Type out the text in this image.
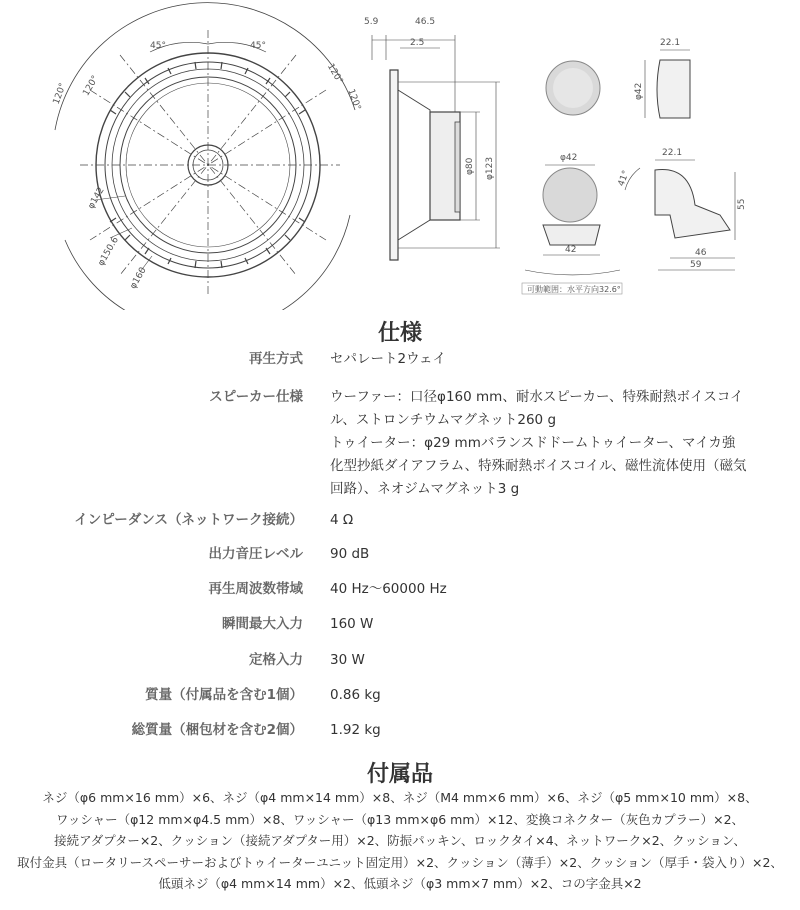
45°	45°
120° 120°	120°
120°
φ142
φ150.6
φ160
5.9	46.5
2.5
φ80 φ123
22.1
φ42
φ42
42
22.1
41°
55
46
59
可動範囲：水平方向32.6°
仕様
再生方式 セパレート2ウェイ
スピーカー仕様 ウーファー：口径φ160 mm、耐水スピーカー、特殊耐熱ボイスコイ
ル、ストロンチウムマグネット260 g
トゥイーター：φ29 mmバランスドドームトゥイーター、マイカ強
化型抄紙ダイアフラム、特殊耐熱ボイスコイル、磁性流体使用（磁気
回路）、ネオジムマグネット3 g
インピーダンス（ネットワーク接続） 4 Ω
出力音圧レベル 90 dB
再生周波数帯域 40 Hz〜60000 Hz
瞬間最大入力 160 W
定格入力 30 W
質量（付属品を含む1個） 0.86 kg
総質量（梱包材を含む2個） 1.92 kg
付属品
ネジ（φ6 mm×16 mm）×6、ネジ（φ4 mm×14 mm）×8、ネジ（M4 mm×6 mm）×6、ネジ（φ5 mm×10 mm）×8、
ワッシャー（φ12 mm×φ4.5 mm）×8、ワッシャー（φ13 mm×φ6 mm）×12、変換コネクター（灰色カプラー）×2、
接続アダプター×2、クッション（接続アダプター用）×2、防振パッキン、ロックタイ×4、ネットワーク×2、クッション、
取付金具（ロータリースペーサーおよびトゥイーターユニット固定用）×2、クッション（薄手）×2、クッション（厚手・袋入り）×2、
低頭ネジ（φ4 mm×14 mm）×2、低頭ネジ（φ3 mm×7 mm）×2、コの字金具×2
